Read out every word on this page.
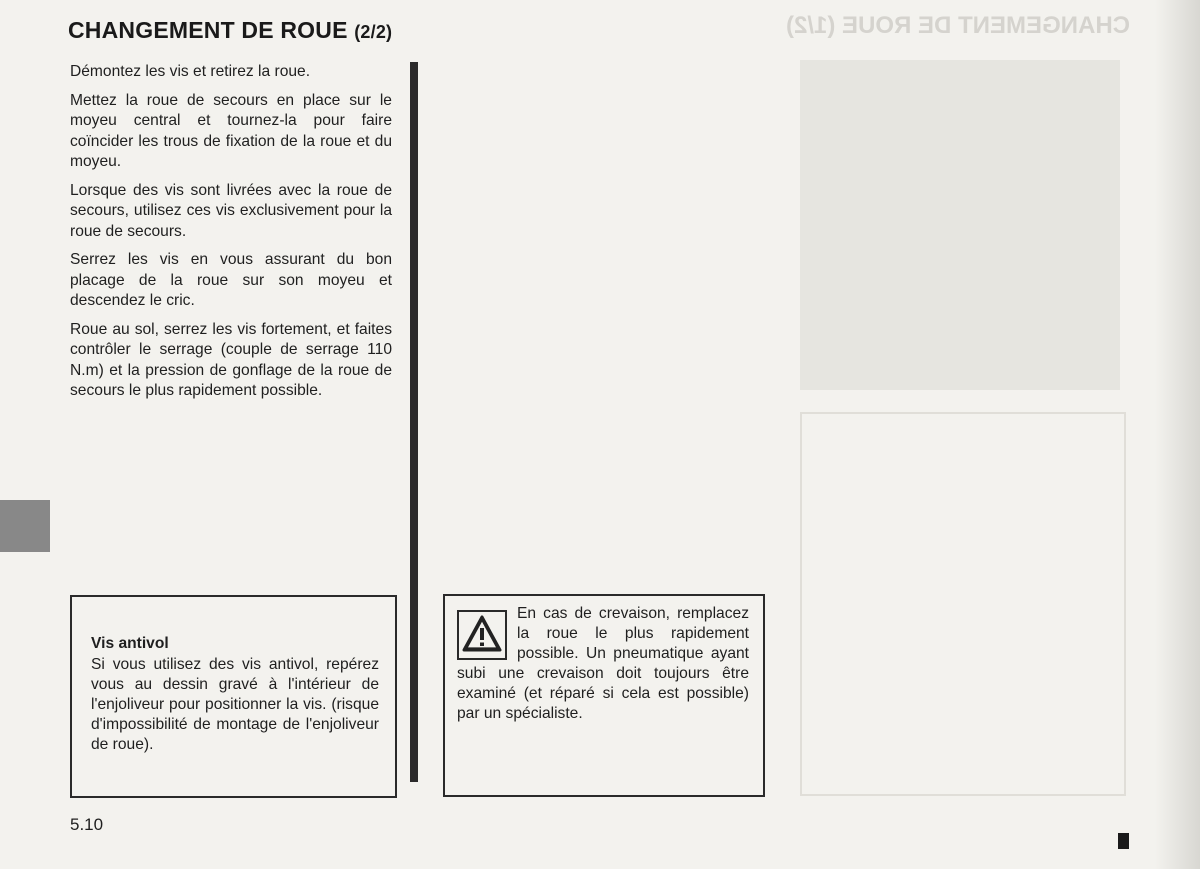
CHANGEMENT DE ROUE (1/2)
CHANGEMENT DE ROUE (2/2)

Démontez les vis et retirez la roue.

Mettez la roue de secours en place sur le moyeu central et tournez-la pour faire coïncider les trous de fixation de la roue et du moyeu.

Lorsque des vis sont livrées avec la roue de secours, utilisez ces vis exclusivement pour la roue de secours.

Serrez les vis en vous assurant du bon placage de la roue sur son moyeu et descendez le cric.

Roue au sol, serrez les vis fortement, et faites contrôler le serrage (couple de serrage 110 N.m) et la pression de gonflage de la roue de secours le plus rapidement possible.

Vis antivol

Si vous utilisez des vis antivol, repérez vous au dessin gravé à l'intérieur de l'enjoliveur pour positionner la vis. (risque d'impossibilité de montage de l'enjoliveur de roue).

En cas de crevaison, remplacez la roue le plus rapidement possible. Un pneumatique ayant subi une crevaison doit toujours être examiné (et réparé si cela est possible) par un spécialiste.

5.10
